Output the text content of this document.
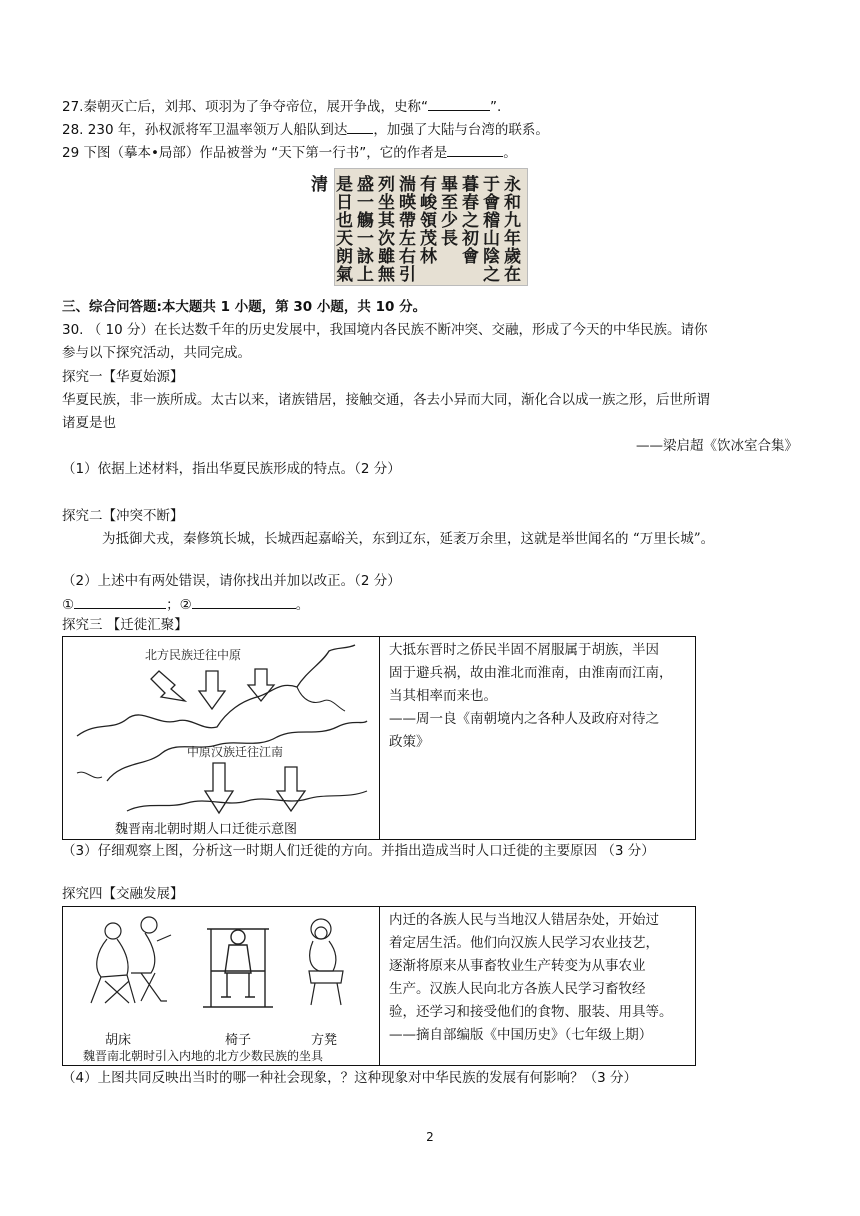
27.秦朝灭亡后，刘邦、项羽为了争夺帝位，展开争战，史称“	”.
28. 230 年，孙权派将军卫温率领万人船队到达 ，加强了大陆与台湾的联系。
29 下图（摹本•局部）作品被誉为 “天下第一行书”，它的作者是	。
永和九年歲在
于會稽山陰之
暮春之初會
畢至少長
有峻領茂林
湍暎帶左右引
列坐其次雖無
盛一觴一詠上
是日也天朗氣清
三、综合问答题:本大题共 1 小题，第 30 小题，共 10 分。
30. （ 10 分）在长达数千年的历史发展中，我国境内各民族不断冲突、交融，形成了今天的中华民族。请你
参与以下探究活动，共同完成。
探究一【华夏始源】
华夏民族，非一族所成。太古以来，诸族错居，接触交通，各去小异而大同，渐化合以成一族之形，后世所谓
诸夏是也
——梁启超《饮冰室合集》
（1）依据上述材料，指出华夏民族形成的特点。（2 分）
探究二【冲突不断】
为抵御犬戎，秦修筑长城，长城西起嘉峪关，东到辽东，延袤万余里，这就是举世闻名的 “万里长城”。
（2）上述中有两处错误，请你找出并加以改正。（2 分）
①	；②	。
探究三 【迁徙汇聚】
北方民族迁往中原
中原汉族迁往江南
魏晋南北朝时期人口迁徙示意图
大抵东晋时之侨民半固不屑服属于胡族，半因
固于避兵祸，故由淮北而淮南，由淮南而江南，
当其相率而来也。
——周一良《南朝境内之各种人及政府对待之
政策》
（3）仔细观察上图，分析这一时期人们迁徙的方向。并指出造成当时人口迁徙的主要原因 （3 分）
探究四【交融发展】
胡床	椅子	方凳
魏晋南北朝时引入内地的北方少数民族的坐具
内迁的各族人民与当地汉人错居杂处，开始过
着定居生活。他们向汉族人民学习农业技艺，
逐渐将原来从事畜牧业生产转变为从事农业
生产。汉族人民向北方各族人民学习畜牧经
验，还学习和接受他们的食物、服装、用具等。
——摘自部编版《中国历史》（七年级上期）
（4）上图共同反映出当时的哪一种社会现象，？这种现象对中华民族的发展有何影响？（3 分）
2
